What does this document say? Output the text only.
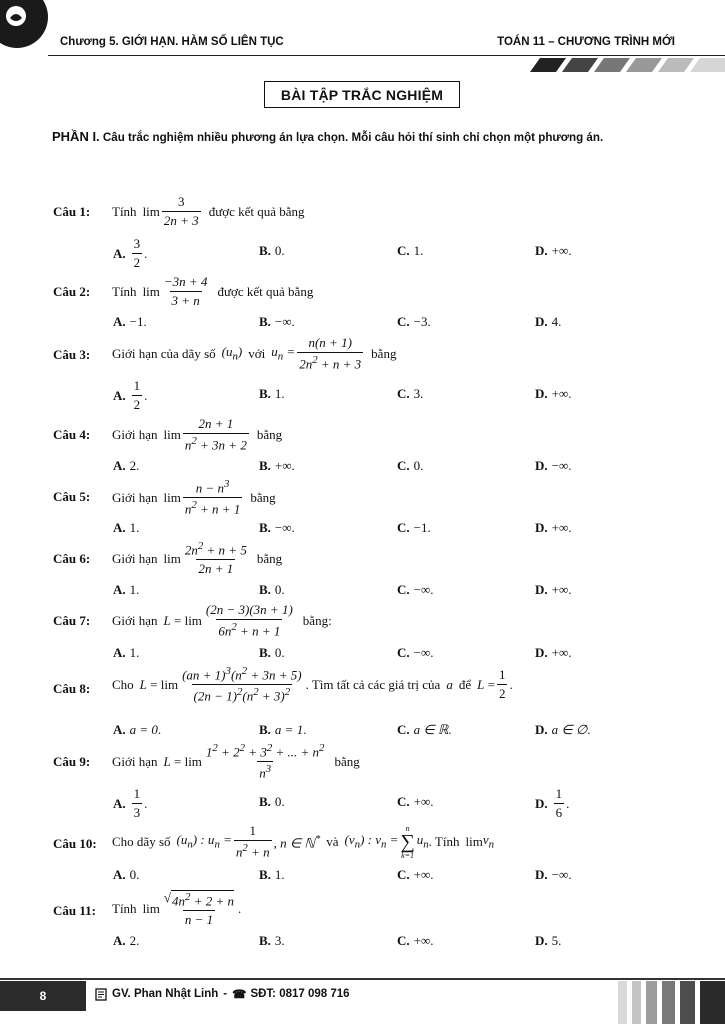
Chương 5. GIỚI HẠN. HÀM SỐ LIÊN TỤC	TOÁN 11 – CHƯƠNG TRÌNH MỚI
BÀI TẬP TRẮC NGHIỆM
PHẦN I. Câu trắc nghiệm nhiều phương án lựa chọn. Mỗi câu hỏi thí sinh chỉ chọn một phương án.
Câu 1: Tính $\lim \frac{3}{2n + 3}$ được kết quả bằng
A. $\frac{3}{2}$ .	B. 0 .	C. 1 .	D. +∞ .
Câu 2: Tính $\lim \frac{-3n + 4}{3 + n}$ được kết quả bằng
A. −1 .	B. −∞ .	C. −3 .	D. 4 .
Câu 3: Giới hạn của dãy số $(u_n)$ với $u_n = \frac{n(n + 1)}{2n^2 + n + 3}$ bằng
A. $\frac{1}{2}$ .	B. 1 .	C. 3 .	D. +∞ .
Câu 4: Giới hạn $\lim \frac{2n + 1}{n^2 + 3n + 2}$ bằng
A. 2 .	B. +∞ .	C. 0 .	D. −∞ .
Câu 5: Giới hạn $\lim \frac{n - n^3}{n^2 + n + 1}$ bằng
A. 1 .	B. −∞ .	C. −1 .	D. +∞ .
Câu 6: Giới hạn $\lim \frac{2n^2 + n + 5}{2n + 1}$ bằng
A. 1 .	B. 0 .	C. −∞ .	D. +∞ .
Câu 7: Giới hạn $L = \lim \frac{(2n - 3)(3n + 1)}{6n^2 + n + 1}$ bằng:
A. 1 .	B. 0 .	C. −∞ .	D. +∞ .
Câu 8: Cho $L = \lim \frac{(an + 1)^3(n^2 + 3n + 5)}{(2n - 1)^2(n^2 + 3)^2}$ . Tìm tất cả các giá trị của a để $L = \frac{1}{2}$ .
A. a = 0 .	B. a = 1 .	C. a ∈ ℝ .	D. a ∈ ∅ .
Câu 9: Giới hạn $L = \lim \frac{1^2 + 2^2 + 3^2 + ... + n^2}{n^3}$ bằng
A. $\frac{1}{3}$ .	B. 0 .	C. +∞ .	D. $\frac{1}{6}$ .
Câu 10: Cho dãy số $(u_n)$ : $u_n = \frac{1}{n^2 + n}$ , n ∈ ℕ* và $(v_n)$ : $v_n$ =
n
∑
k=1
$u_n$ . Tính $\lim v_n$
A. 0 .	B. 1 .	C. +∞ .	D. −∞ .
Câu 11: Tính $\lim \frac{√ 4n^2 + 2 + n}{n - 1}$ .
A. 2 .	B. 3 .	C. +∞ .	D. 5 .
8	GV. Phan Nhật Linh - ☎ SĐT: 0817 098 716
